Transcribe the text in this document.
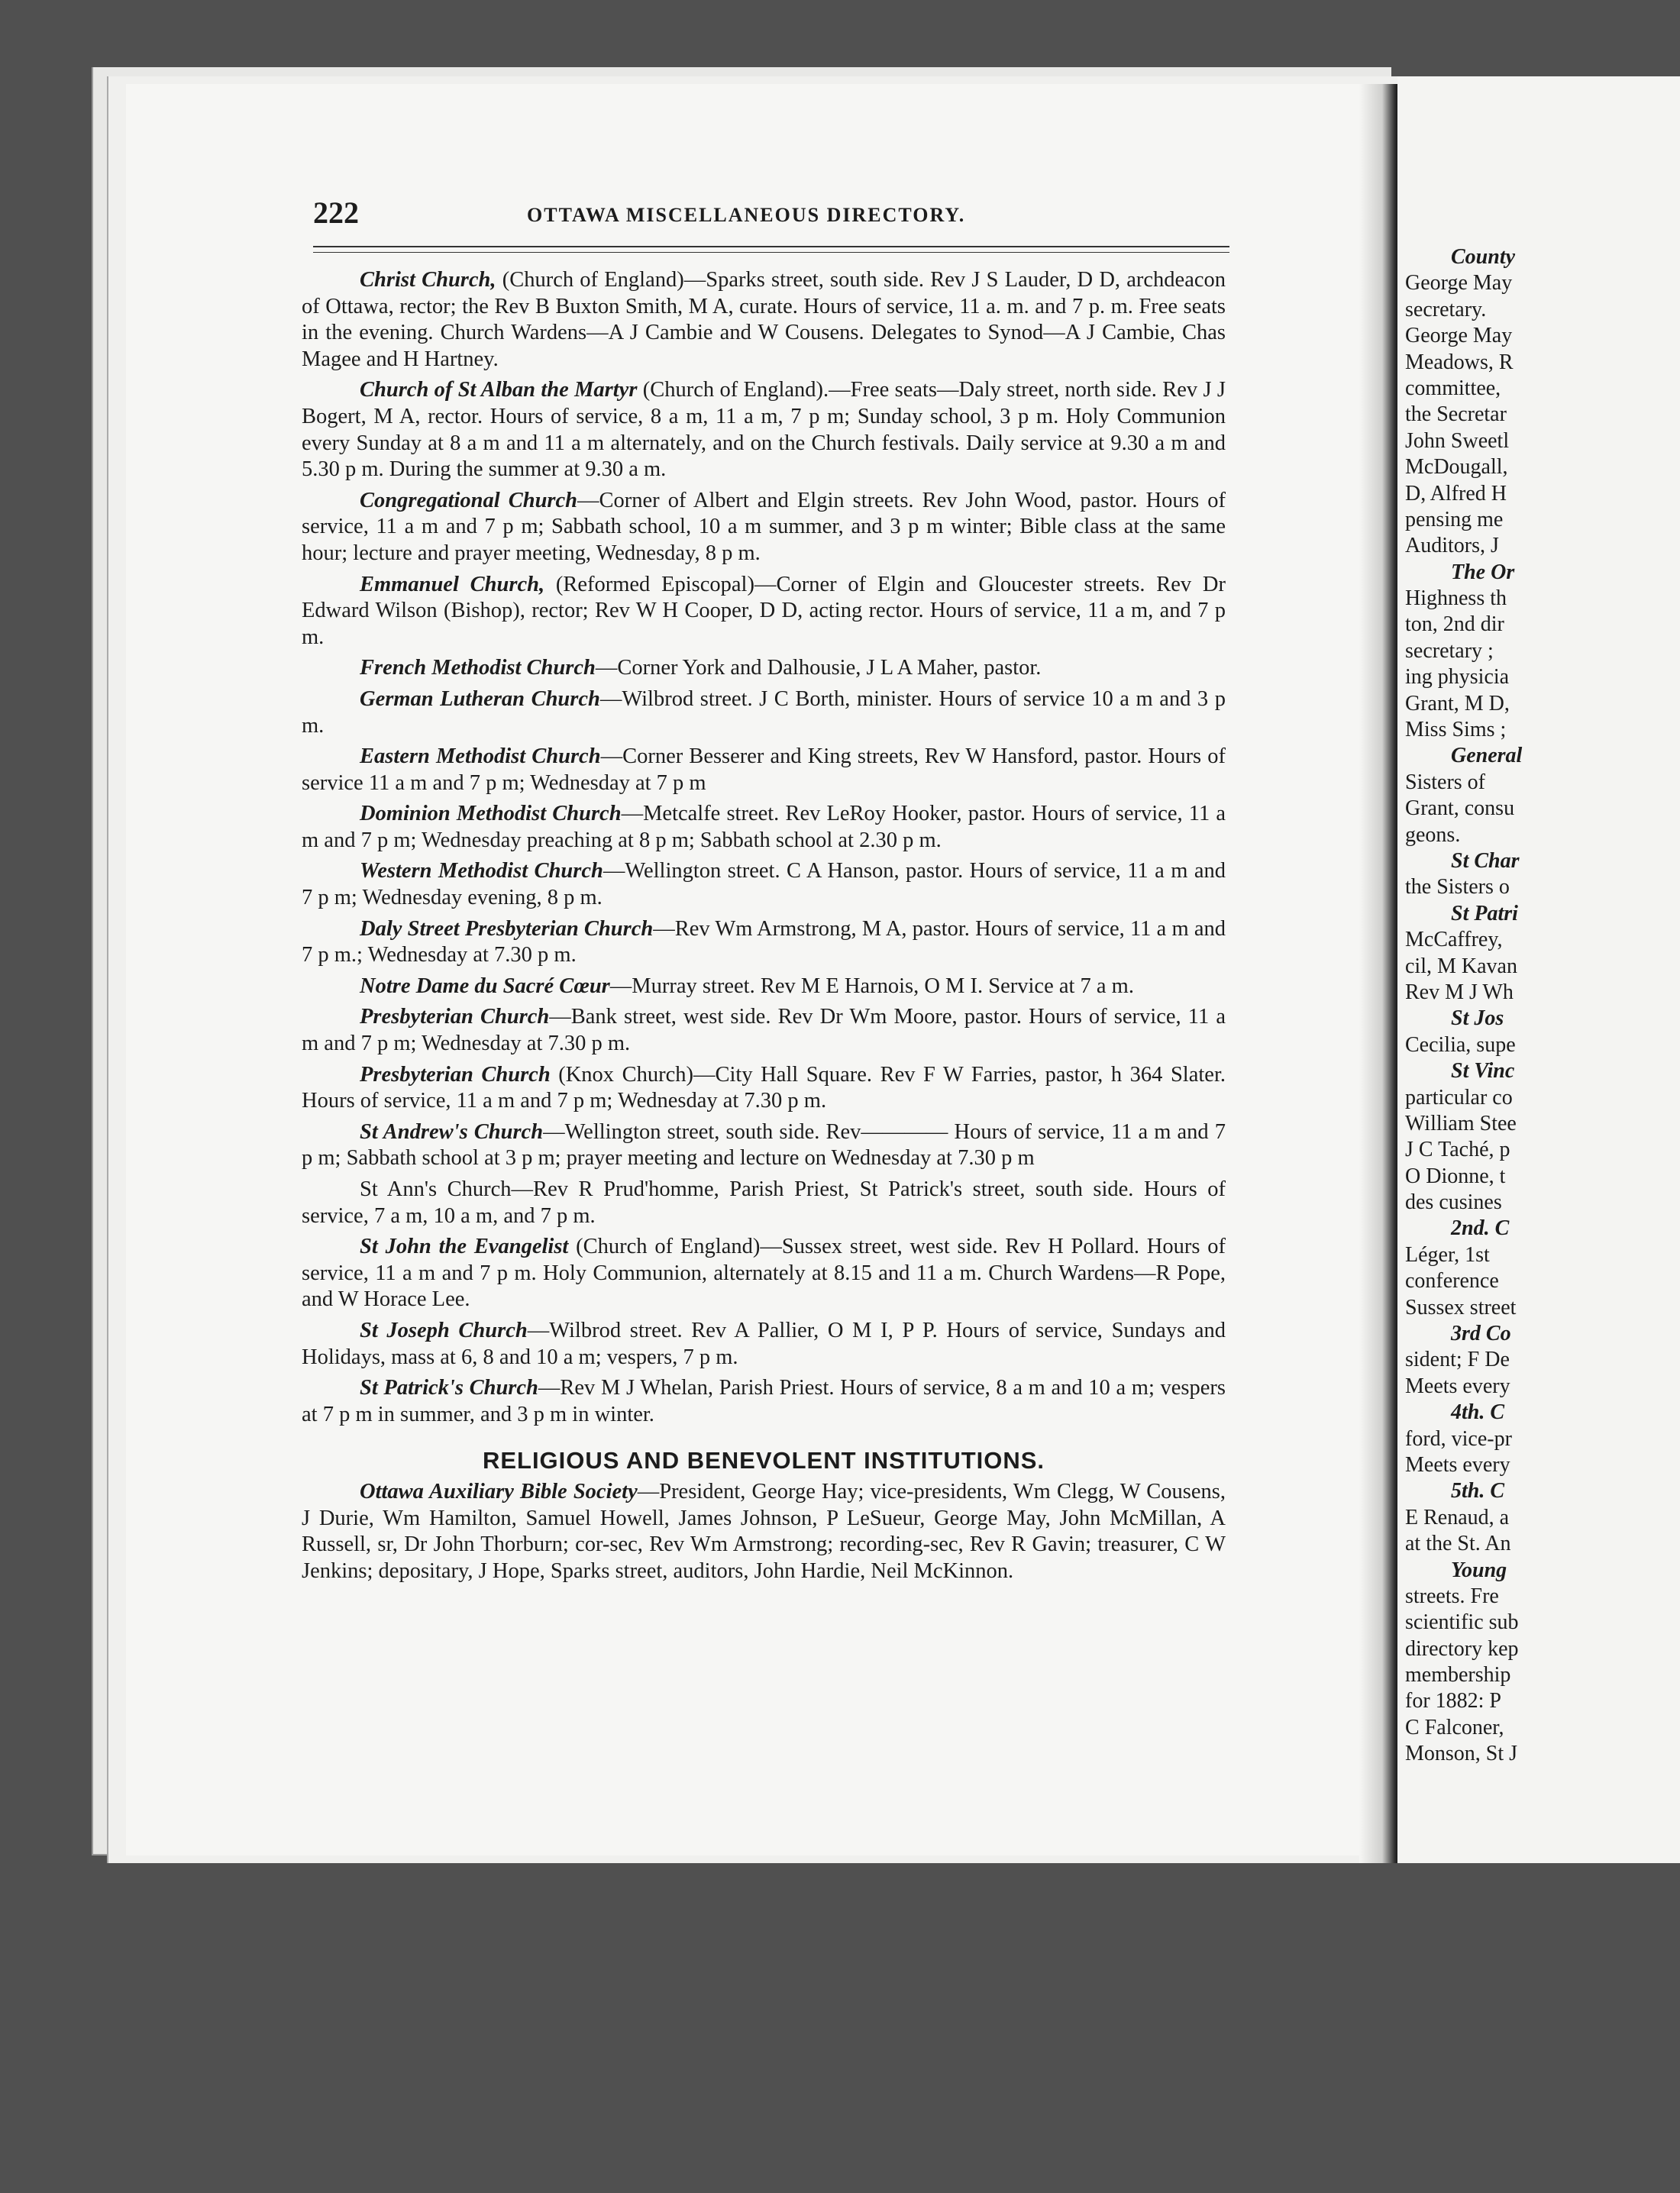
County
George May
secretary.
George May
Meadows, R
committee,
the Secretar
John Sweetl
McDougall,
D, Alfred H
pensing me
Auditors, J
The Or
Highness th
ton, 2nd dir
secretary ;
ing physicia
Grant, M D,
Miss Sims ;
General
Sisters of
Grant, consu
geons.
St Char
the Sisters o
St Patri
McCaffrey,
cil, M Kavan
Rev M J Wh
St Jos
Cecilia, supe
St Vinc
particular co
William Stee
J C Taché, p
O Dionne, t
des cusines
2nd. C
Léger, 1st
conference
Sussex street
3rd Co
sident; F De
Meets every
4th. C
ford, vice-pr
Meets every
5th. C
E Renaud, a
at the St. An
Young
streets. Fre
scientific sub
directory kep
membership
for 1882: P
C Falconer,
Monson, St J
222	OTTAWA MISCELLANEOUS DIRECTORY.

Christ Church, (Church of England)—Sparks street, south side. Rev J S Lauder, D D, archdeacon of Ottawa, rector; the Rev B Buxton Smith, M A, curate. Hours of service, 11 a. m. and 7 p. m. Free seats in the evening. Church Wardens—A J Cambie and W Cousens. Delegates to Synod—A J Cambie, Chas Magee and H Hartney.

Church of St Alban the Martyr (Church of England).—Free seats—Daly street, north side. Rev J J Bogert, M A, rector. Hours of service, 8 a m, 11 a m, 7 p m; Sunday school, 3 p m. Holy Communion every Sunday at 8 a m and 11 a m alternately, and on the Church festivals. Daily service at 9.30 a m and 5.30 p m. During the summer at 9.30 a m.

Congregational Church—Corner of Albert and Elgin streets. Rev John Wood, pastor. Hours of service, 11 a m and 7 p m; Sabbath school, 10 a m summer, and 3 p m winter; Bible class at the same hour; lecture and prayer meeting, Wednesday, 8 p m.

Emmanuel Church, (Reformed Episcopal)—Corner of Elgin and Gloucester streets. Rev Dr Edward Wilson (Bishop), rector; Rev W H Cooper, D D, acting rector. Hours of service, 11 a m, and 7 p m.

French Methodist Church—Corner York and Dalhousie, J L A Maher, pastor.

German Lutheran Church—Wilbrod street. J C Borth, minister. Hours of service 10 a m and 3 p m.

Eastern Methodist Church—Corner Besserer and King streets, Rev W Hansford, pastor. Hours of service 11 a m and 7 p m; Wednesday at 7 p m

Dominion Methodist Church—Metcalfe street. Rev LeRoy Hooker, pastor. Hours of service, 11 a m and 7 p m; Wednesday preaching at 8 p m; Sabbath school at 2.30 p m.

Western Methodist Church—Wellington street. C A Hanson, pastor. Hours of service, 11 a m and 7 p m; Wednesday evening, 8 p m.

Daly Street Presbyterian Church—Rev Wm Armstrong, M A, pastor. Hours of service, 11 a m and 7 p m.; Wednesday at 7.30 p m.

Notre Dame du Sacré Cœur—Murray street. Rev M E Harnois, O M I. Service at 7 a m.

Presbyterian Church—Bank street, west side. Rev Dr Wm Moore, pastor. Hours of service, 11 a m and 7 p m; Wednesday at 7.30 p m.

Presbyterian Church (Knox Church)—City Hall Square. Rev F W Farries, pastor, h 364 Slater. Hours of service, 11 a m and 7 p m; Wednesday at 7.30 p m.

St Andrew's Church—Wellington street, south side. Rev———— Hours of service, 11 a m and 7 p m; Sabbath school at 3 p m; prayer meeting and lecture on Wednesday at 7.30 p m

St Ann's Church—Rev R Prud'homme, Parish Priest, St Patrick's street, south side. Hours of service, 7 a m, 10 a m, and 7 p m.

St John the Evangelist (Church of England)—Sussex street, west side. Rev H Pollard. Hours of service, 11 a m and 7 p m. Holy Communion, alternately at 8.15 and 11 a m. Church Wardens—R Pope, and W Horace Lee.

St Joseph Church—Wilbrod street. Rev A Pallier, O M I, P P. Hours of service, Sundays and Holidays, mass at 6, 8 and 10 a m; vespers, 7 p m.

St Patrick's Church—Rev M J Whelan, Parish Priest. Hours of service, 8 a m and 10 a m; vespers at 7 p m in summer, and 3 p m in winter.

RELIGIOUS AND BENEVOLENT INSTITUTIONS.

Ottawa Auxiliary Bible Society—President, George Hay; vice-presidents, Wm Clegg, W Cousens, J Durie, Wm Hamilton, Samuel Howell, James Johnson, P LeSueur, George May, John McMillan, A Russell, sr, Dr John Thorburn; cor-sec, Rev Wm Armstrong; recording-sec, Rev R Gavin; treasurer, C W Jenkins; depositary, J Hope, Sparks street, auditors, John Hardie, Neil McKinnon.
